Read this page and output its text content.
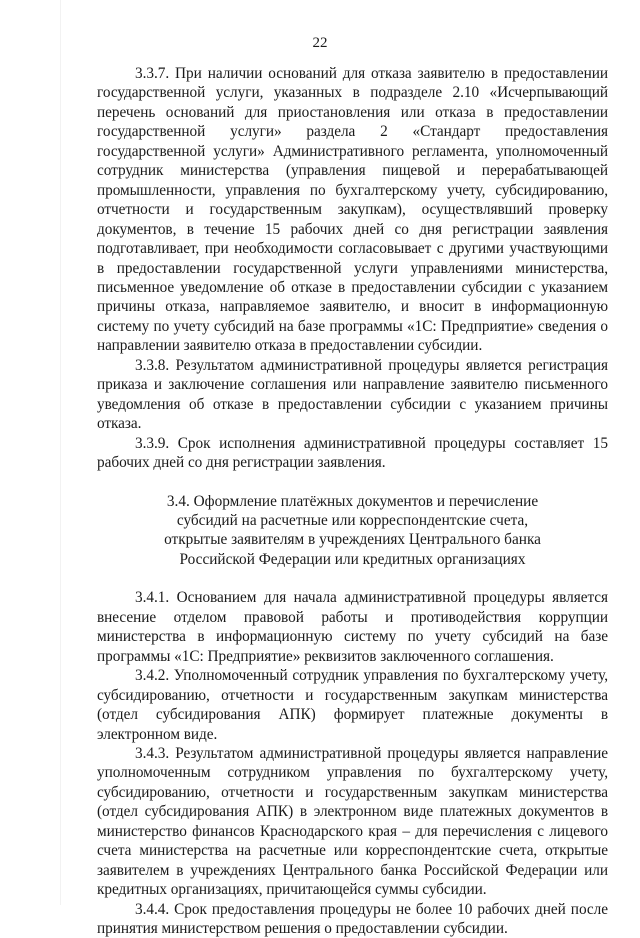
22

3.3.7. При наличии оснований для отказа заявителю в предоставлении государственной услуги, указанных в подразделе 2.10 «Исчерпывающий перечень оснований для приостановления или отказа в предоставлении государственной услуги» раздела 2 «Стандарт предоставления государственной услуги» Административного регламента, уполномоченный сотрудник министерства (управления пищевой и перерабатывающей промышленности, управления по бухгалтерскому учету, субсидированию, отчетности и государственным закупкам), осуществлявший проверку документов, в течение 15 рабочих дней со дня регистрации заявления подготавливает, при необходимости согласовывает с другими участвующими в предоставлении государственной услуги управлениями министерства, письменное уведомление об отказе в предоставлении субсидии с указанием причины отказа, направляемое заявителю, и вносит в информационную систему по учету субсидий на базе программы «1С: Предприятие» сведения о направлении заявителю отказа в предоставлении субсидии.

3.3.8. Результатом административной процедуры является регистрация приказа и заключение соглашения или направление заявителю письменного уведомления об отказе в предоставлении субсидии с указанием причины отказа.

3.3.9. Срок исполнения административной процедуры составляет 15 рабочих дней со дня регистрации заявления.

3.4. Оформление платёжных документов и перечисление
субсидий на расчетные или корреспондентские счета,
открытые заявителям в учреждениях Центрального банка
Российской Федерации или кредитных организациях

3.4.1. Основанием для начала административной процедуры является внесение отделом правовой работы и противодействия коррупции министерства в информационную систему по учету субсидий на базе программы «1С: Предприятие» реквизитов заключенного соглашения.

3.4.2. Уполномоченный сотрудник управления по бухгалтерскому учету, субсидированию, отчетности и государственным закупкам министерства (отдел субсидирования АПК) формирует платежные документы в электронном виде.

3.4.3. Результатом административной процедуры является направление уполномоченным сотрудником управления по бухгалтерскому учету, субсидированию, отчетности и государственным закупкам министерства (отдел субсидирования АПК) в электронном виде платежных документов в министерство финансов Краснодарского края – для перечисления с лицевого счета министерства на расчетные или корреспондентские счета, открытые заявителем в учреждениях Центрального банка Российской Федерации или кредитных организациях, причитающейся суммы субсидии.

3.4.4. Срок предоставления процедуры не более 10 рабочих дней после принятия министерством решения о предоставлении субсидии.
